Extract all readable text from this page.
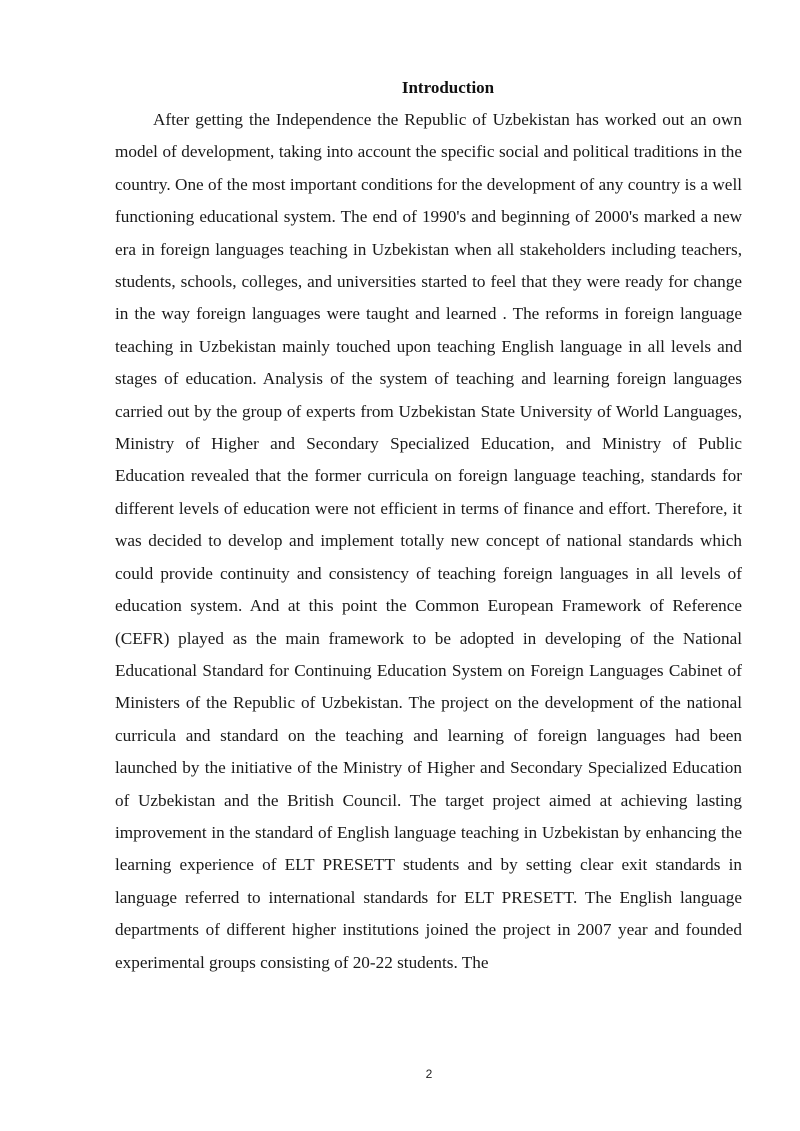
Introduction

After getting the Independence the Republic of Uzbekistan has worked out an own model of development, taking into account the specific social and political traditions in the country. One of the most important conditions for the development of any country is a well functioning educational system. The end of 1990's and beginning of 2000's marked a new era in foreign languages teaching in Uzbekistan when all stakeholders including teachers, students, schools, colleges, and universities started to feel that they were ready for change in the way foreign languages were taught and learned . The reforms in foreign language teaching in Uzbekistan mainly touched upon teaching English language in all levels and stages of education. Analysis of the system of teaching and learning foreign languages carried out by the group of experts from Uzbekistan State University of World Languages, Ministry of Higher and Secondary Specialized Education, and Ministry of Public Education revealed that the former curricula on foreign language teaching, standards for different levels of education were not efficient in terms of finance and effort. Therefore, it was decided to develop and implement totally new concept of national standards which could provide continuity and consistency of teaching foreign languages in all levels of education system. And at this point the Common European Framework of Reference (CEFR) played as the main framework to be adopted in developing of the National Educational Standard for Continuing Education System on Foreign Languages Cabinet of Ministers of the Republic of Uzbekistan. The project on the development of the national curricula and standard on the teaching and learning of foreign languages had been launched by the initiative of the Ministry of Higher and Secondary Specialized Education of Uzbekistan and the British Council. The target project aimed at achieving lasting improvement in the standard of English language teaching in Uzbekistan by enhancing the learning experience of ELT PRESETT students and by setting clear exit standards in language referred to international standards for ELT PRESETT. The English language departments of different higher institutions joined the project in 2007 year and founded experimental groups consisting of 20-22 students. The

2
